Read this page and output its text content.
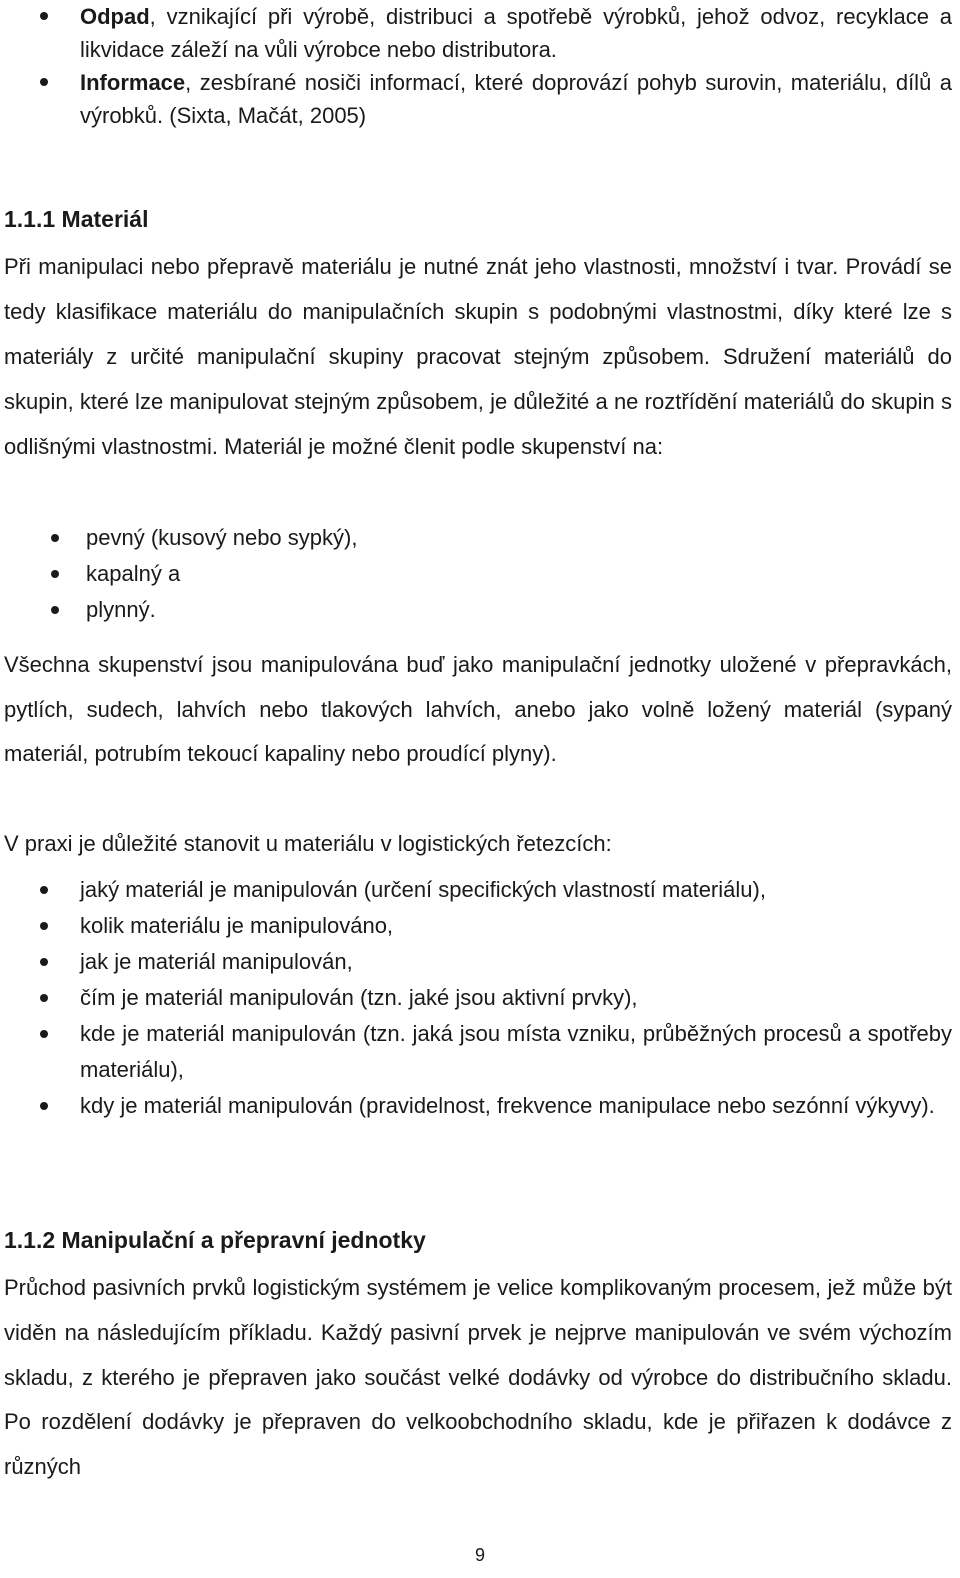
Odpad, vznikající při výrobě, distribuci a spotřebě výrobků, jehož odvoz, recyklace a likvidace záleží na vůli výrobce nebo distributora.
Informace, zesbírané nosiči informací, které doprovází pohyb surovin, materiálu, dílů a výrobků. (Sixta, Mačát, 2005)
1.1.1 Materiál
Při manipulaci nebo přepravě materiálu je nutné znát jeho vlastnosti, množství i tvar. Provádí se tedy klasifikace materiálu do manipulačních skupin s podobnými vlastnostmi, díky které lze s materiály z určité manipulační skupiny pracovat stejným způsobem. Sdružení materiálů do skupin, které lze manipulovat stejným způsobem, je důležité a ne roztřídění materiálů do skupin s odlišnými vlastnostmi. Materiál je možné členit podle skupenství na:
pevný (kusový nebo sypký),
kapalný a
plynný.
Všechna skupenství jsou manipulována buď jako manipulační jednotky uložené v přepravkách, pytlích, sudech, lahvích nebo tlakových lahvích, anebo jako volně ložený materiál (sypaný materiál, potrubím tekoucí kapaliny nebo proudící plyny).
V praxi je důležité stanovit u materiálu v logistických řetezcích:
jaký materiál je manipulován (určení specifických vlastností materiálu),
kolik materiálu je manipulováno,
jak je materiál manipulován,
čím je materiál manipulován (tzn. jaké jsou aktivní prvky),
kde je materiál manipulován (tzn. jaká jsou místa vzniku, průběžných procesů a spotřeby materiálu),
kdy je materiál manipulován (pravidelnost, frekvence manipulace nebo sezónní výkyvy).
1.1.2 Manipulační a přepravní jednotky
Průchod pasivních prvků logistickým systémem je velice komplikovaným procesem, jež může být viděn na následujícím příkladu. Každý pasivní prvek je nejprve manipulován ve svém výchozím skladu, z kterého je přepraven jako součást velké dodávky od výrobce do distribučního skladu. Po rozdělení dodávky je přepraven do velkoobchodního skladu, kde je přiřazen k dodávce z různých
9
